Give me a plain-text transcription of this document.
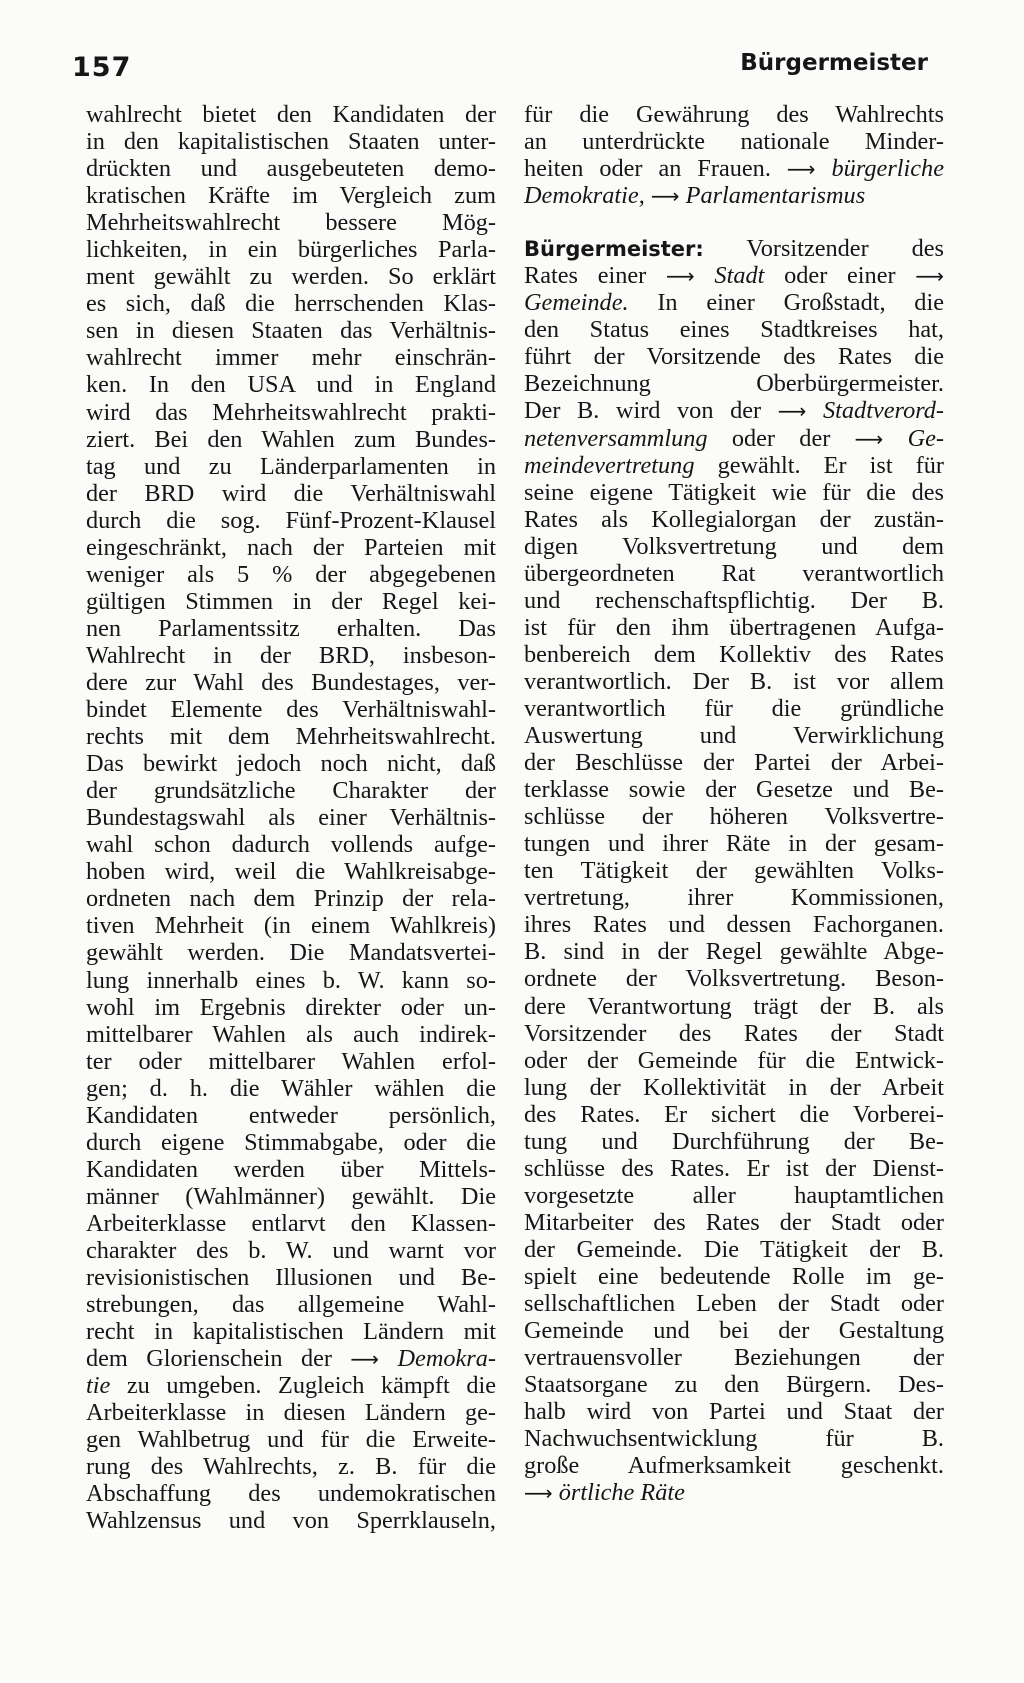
157	Bürgermeister
wahlrecht bietet den Kandidaten der
in den kapitalistischen Staaten unter-
drückten und ausgebeuteten demo-
kratischen Kräfte im Vergleich zum
Mehrheitswahlrecht bessere Mög-
lichkeiten, in ein bürgerliches Parla-
ment gewählt zu werden. So erklärt
es sich, daß die herrschenden Klas-
sen in diesen Staaten das Verhältnis-
wahlrecht immer mehr einschrän-
ken. In den USA und in England
wird das Mehrheitswahlrecht prakti-
ziert. Bei den Wahlen zum Bundes-
tag und zu Länderparlamenten in
der BRD wird die Verhältniswahl
durch die sog. Fünf-Prozent-Klausel
eingeschränkt, nach der Parteien mit
weniger als 5 % der abgegebenen
gültigen Stimmen in der Regel kei-
nen Parlamentssitz erhalten. Das
Wahlrecht in der BRD, insbeson-
dere zur Wahl des Bundestages, ver-
bindet Elemente des Verhältniswahl-
rechts mit dem Mehrheitswahlrecht.
Das bewirkt jedoch noch nicht, daß
der grundsätzliche Charakter der
Bundestagswahl als einer Verhältnis-
wahl schon dadurch vollends aufge-
hoben wird, weil die Wahlkreisabge-
ordneten nach dem Prinzip der rela-
tiven Mehrheit (in einem Wahlkreis)
gewählt werden. Die Mandatsvertei-
lung innerhalb eines b. W. kann so-
wohl im Ergebnis direkter oder un-
mittelbarer Wahlen als auch indirek-
ter oder mittelbarer Wahlen erfol-
gen; d. h. die Wähler wählen die
Kandidaten entweder persönlich,
durch eigene Stimmabgabe, oder die
Kandidaten werden über Mittels-
männer (Wahlmänner) gewählt. Die
Arbeiterklasse entlarvt den Klassen-
charakter des b. W. und warnt vor
revisionistischen Illusionen und Be-
strebungen, das allgemeine Wahl-
recht in kapitalistischen Ländern mit
dem Glorienschein der ⟶ Demokra-
tie zu umgeben. Zugleich kämpft die
Arbeiterklasse in diesen Ländern ge-
gen Wahlbetrug und für die Erweite-
rung des Wahlrechts, z. B. für die
Abschaffung des undemokratischen
Wahlzensus und von Sperrklauseln,
für die Gewährung des Wahlrechts
an unterdrückte nationale Minder-
heiten oder an Frauen. ⟶ bürgerliche
Demokratie, ⟶ Parlamentarismus
Bürgermeister: Vorsitzender des
Rates einer ⟶ Stadt oder einer ⟶
Gemeinde. In einer Großstadt, die
den Status eines Stadtkreises hat,
führt der Vorsitzende des Rates die
Bezeichnung Oberbürgermeister.
Der B. wird von der ⟶ Stadtverord-
netenversammlung oder der ⟶ Ge-
meindevertretung gewählt. Er ist für
seine eigene Tätigkeit wie für die des
Rates als Kollegialorgan der zustän-
digen Volksvertretung und dem
übergeordneten Rat verantwortlich
und rechenschaftspflichtig. Der B.
ist für den ihm übertragenen Aufga-
benbereich dem Kollektiv des Rates
verantwortlich. Der B. ist vor allem
verantwortlich für die gründliche
Auswertung und Verwirklichung
der Beschlüsse der Partei der Arbei-
terklasse sowie der Gesetze und Be-
schlüsse der höheren Volksvertre-
tungen und ihrer Räte in der gesam-
ten Tätigkeit der gewählten Volks-
vertretung, ihrer Kommissionen,
ihres Rates und dessen Fachorganen.
B. sind in der Regel gewählte Abge-
ordnete der Volksvertretung. Beson-
dere Verantwortung trägt der B. als
Vorsitzender des Rates der Stadt
oder der Gemeinde für die Entwick-
lung der Kollektivität in der Arbeit
des Rates. Er sichert die Vorberei-
tung und Durchführung der Be-
schlüsse des Rates. Er ist der Dienst-
vorgesetzte aller hauptamtlichen
Mitarbeiter des Rates der Stadt oder
der Gemeinde. Die Tätigkeit der B.
spielt eine bedeutende Rolle im ge-
sellschaftlichen Leben der Stadt oder
Gemeinde und bei der Gestaltung
vertrauensvoller Beziehungen der
Staatsorgane zu den Bürgern. Des-
halb wird von Partei und Staat der
Nachwuchsentwicklung für B.
große Aufmerksamkeit geschenkt.
⟶ örtliche Räte
